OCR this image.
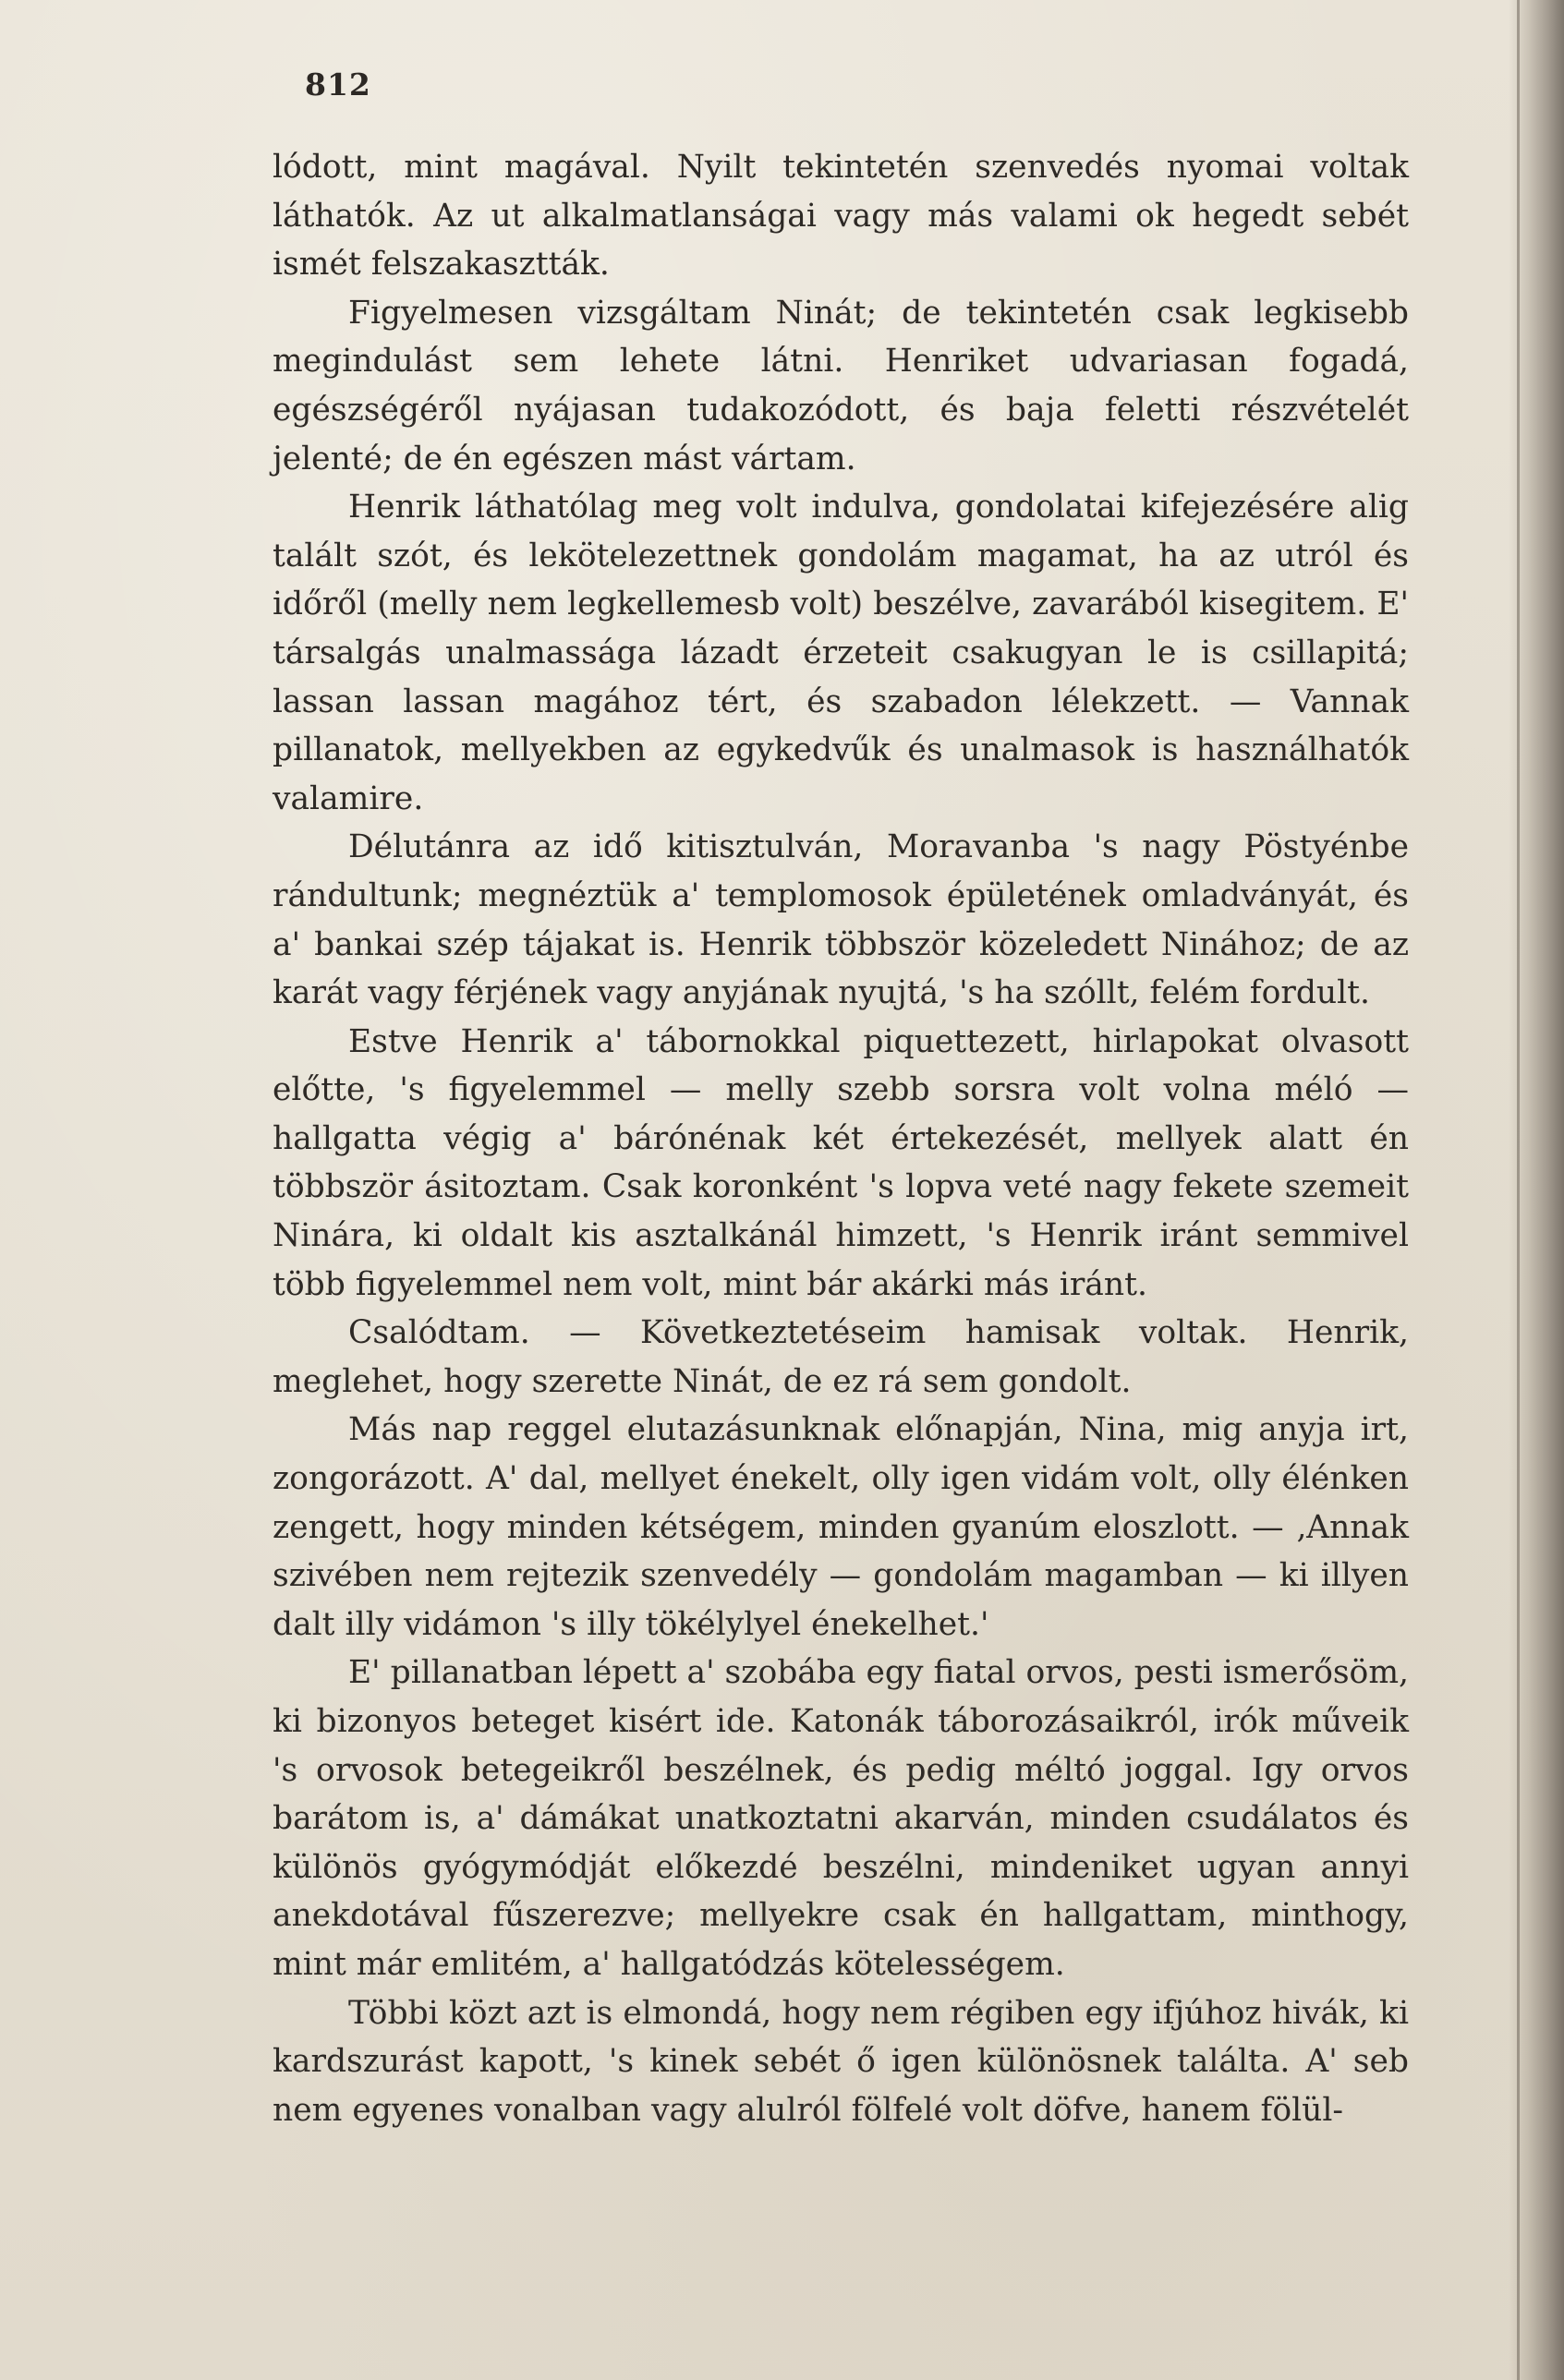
812

lódott, mint magával. Nyilt tekintetén szenvedés nyomai voltak láthatók. Az ut alkalmatlanságai vagy más valami ok hegedt sebét ismét felszakasztták.

Figyelmesen vizsgáltam Ninát; de tekintetén csak legkisebb megindulást sem lehete látni. Henriket udvariasan fogadá, egészségéről nyájasan tudakozódott, és baja feletti részvételét jelenté; de én egészen mást vártam.

Henrik láthatólag meg volt indulva, gondolatai kifejezésére alig talált szót, és lekötelezettnek gondolám magamat, ha az utról és időről (melly nem legkellemesb volt) beszélve, zavarából kisegitem. E' társalgás unalmassága lázadt érzeteit csakugyan le is csillapitá; lassan lassan magához tért, és szabadon lélekzett. — Vannak pillanatok, mellyekben az egykedvűk és unalmasok is használhatók valamire.

Délutánra az idő kitisztulván, Moravanba 's nagy Pöstyénbe rándultunk; megnéztük a' templomosok épületének omladványát, és a' bankai szép tájakat is. Henrik többször közeledett Ninához; de az karát vagy férjének vagy anyjának nyujtá, 's ha szóllt, felém fordult.

Estve Henrik a' tábornokkal piquettezett, hirlapokat olvasott előtte, 's figyelemmel — melly szebb sorsra volt volna méló — hallgatta végig a' bárónénak két értekezését, mellyek alatt én többször ásitoztam. Csak koronként 's lopva veté nagy fekete szemeit Ninára, ki oldalt kis asztalkánál himzett, 's Henrik iránt semmivel több figyelemmel nem volt, mint bár akárki más iránt.

Csalódtam. — Következtetéseim hamisak voltak. Henrik, meglehet, hogy szerette Ninát, de ez rá sem gondolt.

Más nap reggel elutazásunknak előnapján, Nina, mig anyja irt, zongorázott. A' dal, mellyet énekelt, olly igen vidám volt, olly élénken zengett, hogy minden kétségem, minden gyanúm eloszlott. — ‚Annak szivében nem rejtezik szenvedély — gondolám magamban — ki illyen dalt illy vidámon 's illy tökélylyel énekelhet.'

E' pillanatban lépett a' szobába egy fiatal orvos, pesti ismerősöm, ki bizonyos beteget kisért ide. Katonák táborozásaikról, irók műveik 's orvosok betegeikről beszélnek, és pedig méltó joggal. Igy orvos barátom is, a' dámákat unatkoztatni akarván, minden csudálatos és különös gyógymódját előkezdé beszélni, mindeniket ugyan annyi anekdotával fűszerezve; mellyekre csak én hallgattam, minthogy, mint már emlitém, a' hallgatódzás kötelességem.

Többi közt azt is elmondá, hogy nem régiben egy ifjúhoz hivák, ki kardszurást kapott, 's kinek sebét ő igen különösnek találta. A' seb nem egyenes vonalban vagy alulról fölfelé volt döfve, hanem fölül-
